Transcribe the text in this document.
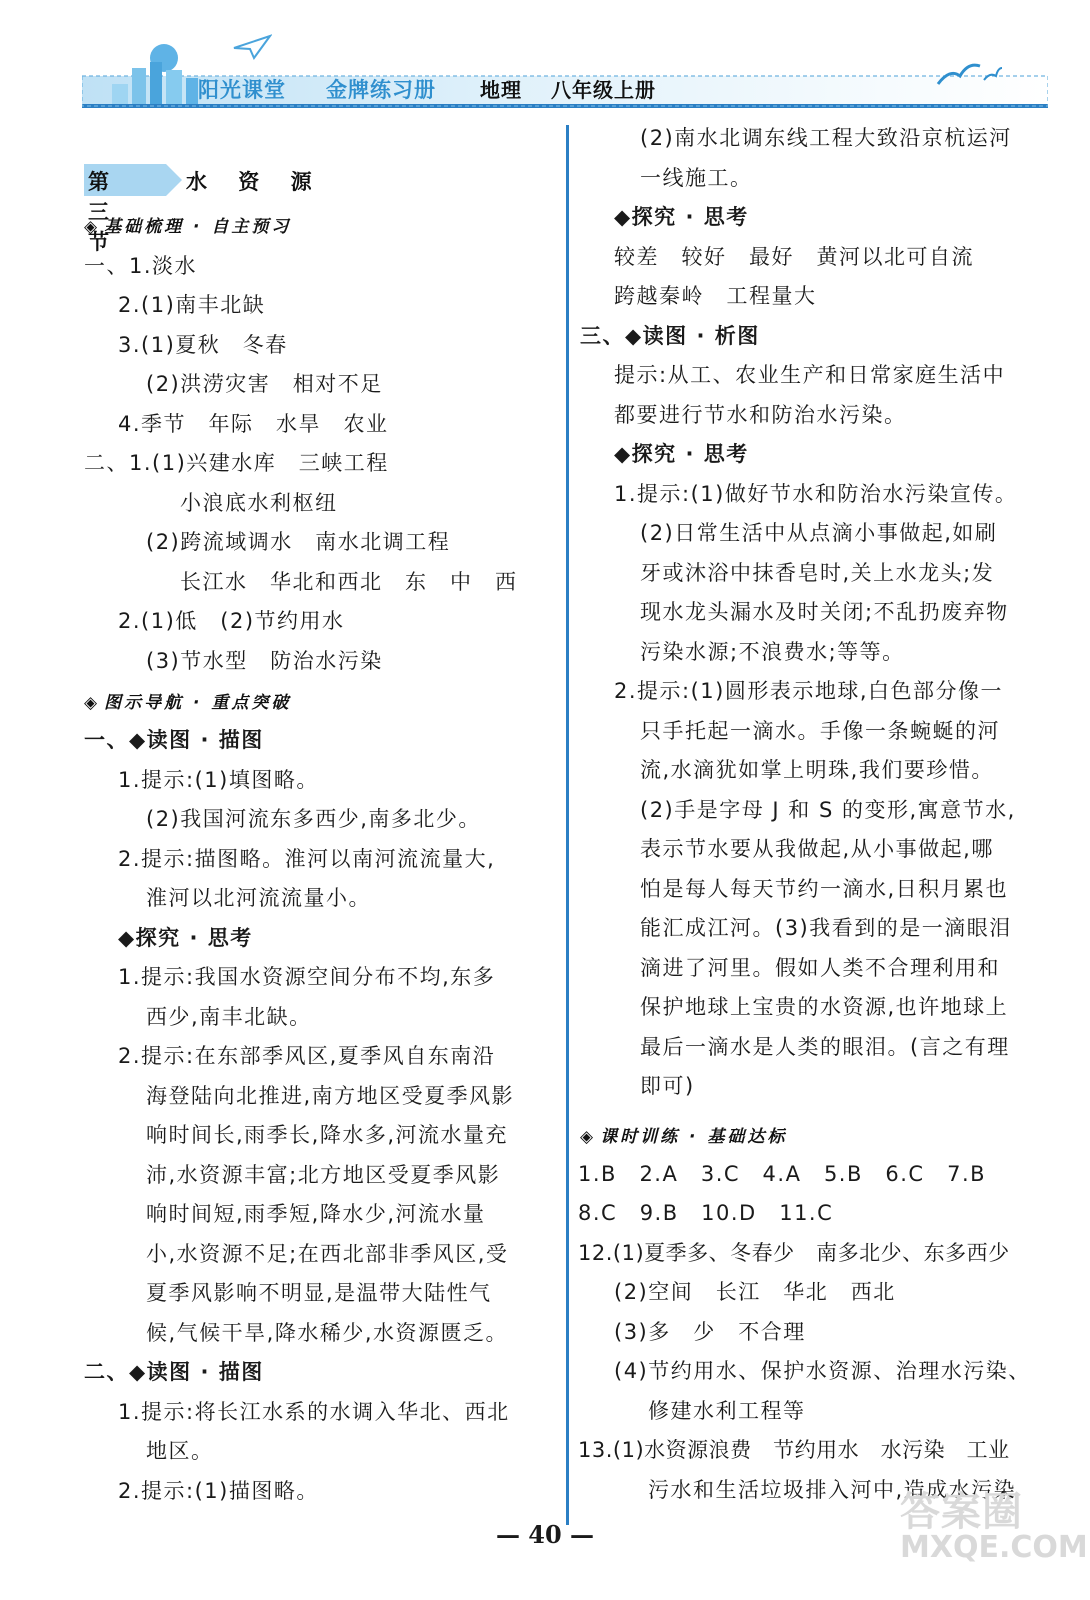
阳光课堂 金牌练习册 地理 八年级上册
第三节
水 资 源
◈ 基础梳理 · 自主预习
一、1.淡水
2.(1)南丰北缺
3.(1)夏秋　冬春
(2)洪涝灾害　相对不足
4.季节　年际　水旱　农业
二、1.(1)兴建水库　三峡工程
小浪底水利枢纽
(2)跨流域调水　南水北调工程
长江水　华北和西北　东　中　西
2.(1)低　(2)节约用水
(3)节水型　防治水污染
◈ 图示导航 · 重点突破
一、◆读图 · 描图
1.提示:(1)填图略。
(2)我国河流东多西少,南多北少。
2.提示:描图略。淮河以南河流流量大,
淮河以北河流流量小。
◆探究 · 思考
1.提示:我国水资源空间分布不均,东多
西少,南丰北缺。
2.提示:在东部季风区,夏季风自东南沿
海登陆向北推进,南方地区受夏季风影
响时间长,雨季长,降水多,河流水量充
沛,水资源丰富;北方地区受夏季风影
响时间短,雨季短,降水少,河流水量
小,水资源不足;在西北部非季风区,受
夏季风影响不明显,是温带大陆性气
候,气候干旱,降水稀少,水资源匮乏。
二、◆读图 · 描图
1.提示:将长江水系的水调入华北、西北
地区。
2.提示:(1)描图略。
(2)南水北调东线工程大致沿京杭运河
一线施工。
◆探究 · 思考
较差　较好　最好　黄河以北可自流
跨越秦岭　工程量大
三、◆读图 · 析图
提示:从工、农业生产和日常家庭生活中
都要进行节水和防治水污染。
◆探究 · 思考
1.提示:(1)做好节水和防治水污染宣传。
(2)日常生活中从点滴小事做起,如刷
牙或沐浴中抹香皂时,关上水龙头;发
现水龙头漏水及时关闭;不乱扔废弃物
污染水源;不浪费水;等等。
2.提示:(1)圆形表示地球,白色部分像一
只手托起一滴水。手像一条蜿蜒的河
流,水滴犹如掌上明珠,我们要珍惜。
(2)手是字母 J 和 S 的变形,寓意节水,
表示节水要从我做起,从小事做起,哪
怕是每人每天节约一滴水,日积月累也
能汇成江河。(3)我看到的是一滴眼泪
滴进了河里。假如人类不合理利用和
保护地球上宝贵的水资源,也许地球上
最后一滴水是人类的眼泪。(言之有理
即可)
◈ 课时训练 · 基础达标
1.B　2.A　3.C　4.A　5.B　6.C　7.B
8.C　9.B　10.D　11.C
12.(1)夏季多、冬春少　南多北少、东多西少
(2)空间　长江　华北　西北
(3)多　少　不合理
(4)节约用水、保护水资源、治理水污染、
修建水利工程等
13.(1)水资源浪费　节约用水　水污染　工业
污水和生活垃圾排入河中,造成水污染
— 40 —	答案圈
MXQE.COM
